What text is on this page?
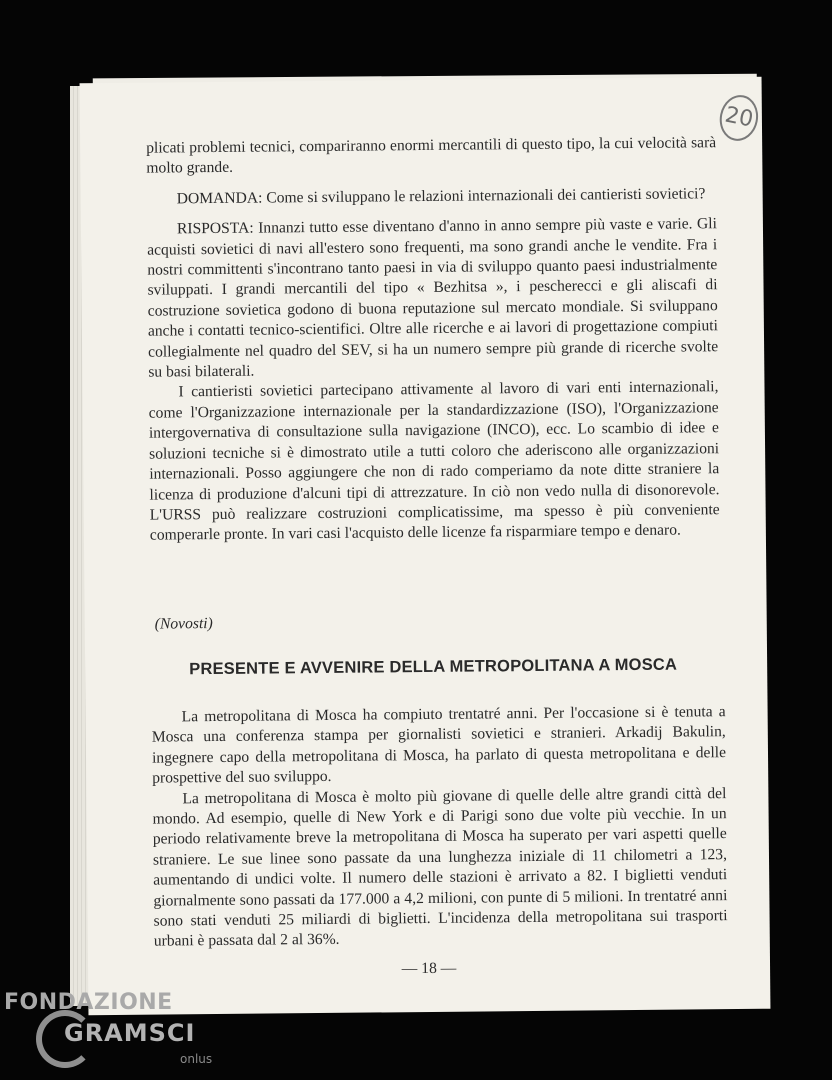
20

plicati problemi tecnici, compariranno enormi mercantili di questo tipo, la cui velocità sarà molto grande.

DOMANDA: Come si sviluppano le relazioni internazionali dei cantieristi sovietici?

RISPOSTA: Innanzi tutto esse diventano d'anno in anno sempre più vaste e varie. Gli acquisti sovietici di navi all'estero sono frequenti, ma sono grandi anche le vendite. Fra i nostri committenti s'incontrano tanto paesi in via di sviluppo quanto paesi industrialmente sviluppati. I grandi mercantili del tipo « Bezhitsa », i pescherecci e gli aliscafi di costruzione sovietica godono di buona reputazione sul mercato mondiale. Si sviluppano anche i contatti tecnico-scientifici. Oltre alle ricerche e ai lavori di progettazione compiuti collegialmente nel quadro del SEV, si ha un numero sempre più grande di ricerche svolte su basi bilaterali.

I cantieristi sovietici partecipano attivamente al lavoro di vari enti internazionali, come l'Organizzazione internazionale per la standardizzazione (ISO), l'Organizzazione intergovernativa di consultazione sulla navigazione (INCO), ecc. Lo scambio di idee e soluzioni tecniche si è dimostrato utile a tutti coloro che aderiscono alle organizzazioni internazionali. Posso aggiungere che non di rado comperiamo da note ditte straniere la licenza di produzione d'alcuni tipi di attrezzature. In ciò non vedo nulla di disonorevole. L'URSS può realizzare costruzioni complicatissime, ma spesso è più conveniente comperarle pronte. In vari casi l'acquisto delle licenze fa risparmiare tempo e denaro.

(Novosti)
PRESENTE E AVVENIRE DELLA METROPOLITANA A MOSCA

La metropolitana di Mosca ha compiuto trentatré anni. Per l'occasione si è tenuta a Mosca una conferenza stampa per giornalisti sovietici e stranieri. Arkadij Bakulin, ingegnere capo della metropolitana di Mosca, ha parlato di questa metropolitana e delle prospettive del suo sviluppo.

La metropolitana di Mosca è molto più giovane di quelle delle altre grandi città del mondo. Ad esempio, quelle di New York e di Parigi sono due volte più vecchie. In un periodo relativamente breve la metropolitana di Mosca ha superato per vari aspetti quelle straniere. Le sue linee sono passate da una lunghezza iniziale di 11 chilometri a 123, aumentando di undici volte. Il numero delle stazioni è arrivato a 82. I biglietti venduti giornalmente sono passati da 177.000 a 4,2 milioni, con punte di 5 milioni. In trentatré anni sono stati venduti 25 miliardi di biglietti. L'incidenza della metropolitana sui trasporti urbani è passata dal 2 al 36%.

— 18 —
FONDAZIONE
GRAMSCI
onlus
